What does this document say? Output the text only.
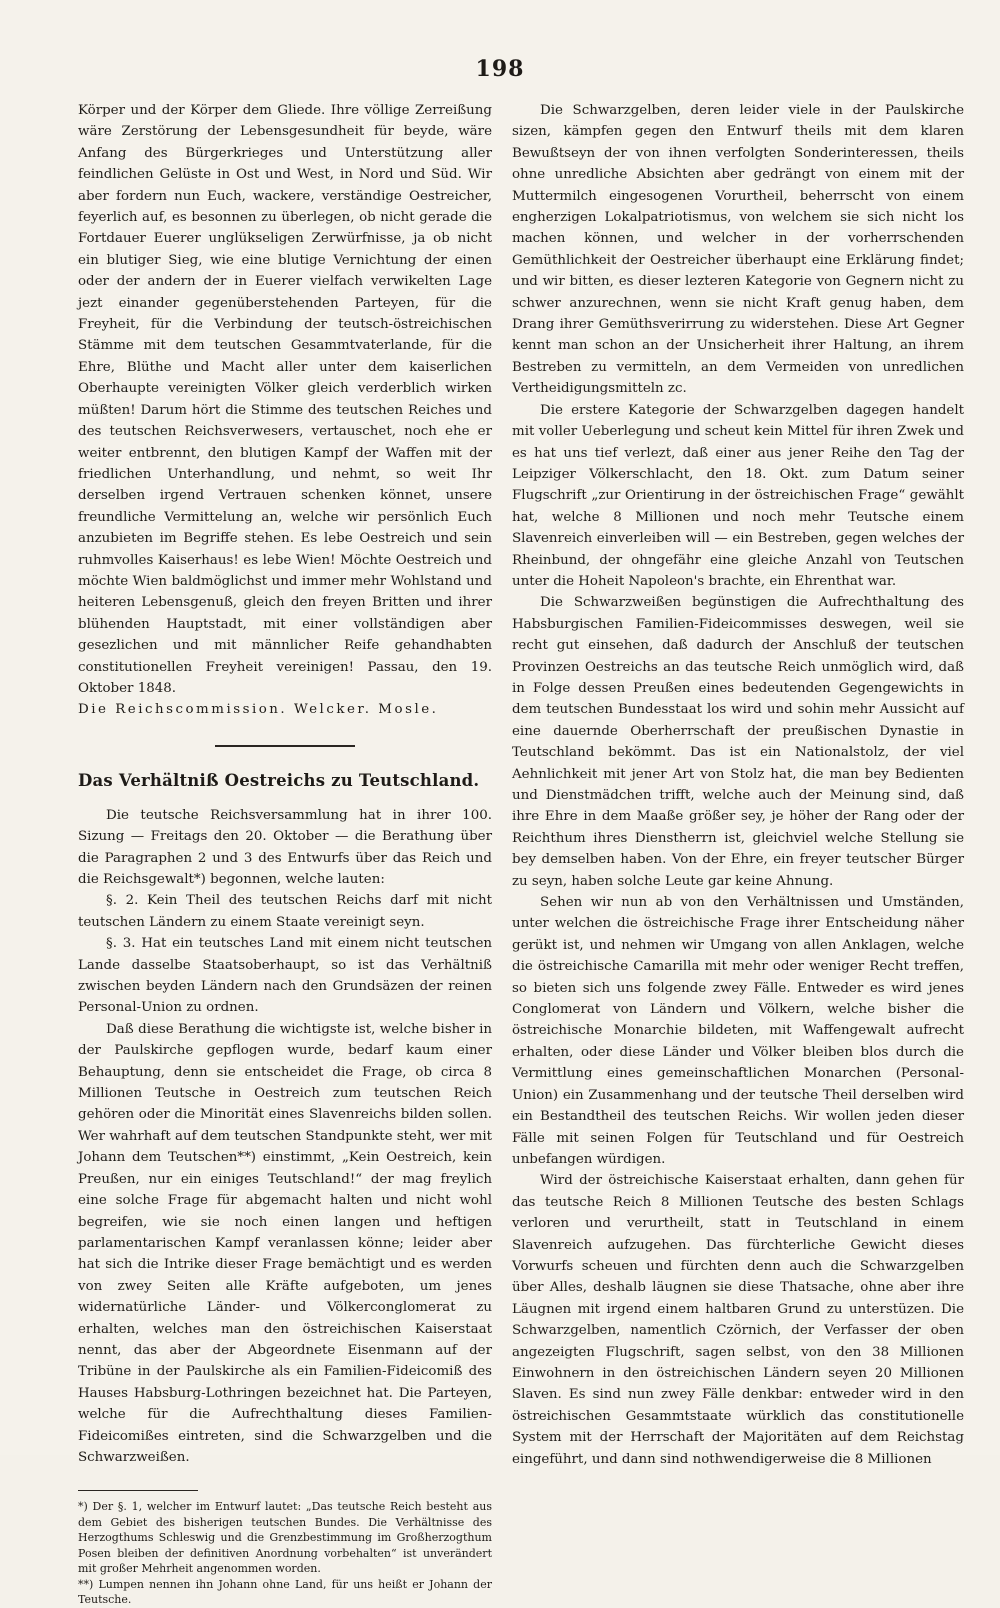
198

Körper und der Körper dem Gliede. Ihre völlige Zerreißung wäre Zerstörung der Lebensgesundheit für beyde, wäre Anfang des Bürgerkrieges und Unterstützung aller feindlichen Gelüste in Ost und West, in Nord und Süd. Wir aber fordern nun Euch, wackere, verständige Oestreicher, feyerlich auf, es besonnen zu überlegen, ob nicht gerade die Fortdauer Euerer unglükseligen Zerwürfnisse, ja ob nicht ein blutiger Sieg, wie eine blutige Vernichtung der einen oder der andern der in Euerer vielfach verwikelten Lage jezt einander gegenüberstehenden Parteyen, für die Freyheit, für die Verbindung der teutsch-östreichischen Stämme mit dem teutschen Gesammtvaterlande, für die Ehre, Blüthe und Macht aller unter dem kaiserlichen Oberhaupte vereinigten Völker gleich verderblich wirken müßten! Darum hört die Stimme des teutschen Reiches und des teutschen Reichsverwesers, vertauschet, noch ehe er weiter entbrennt, den blutigen Kampf der Waffen mit der friedlichen Unterhandlung, und nehmt, so weit Ihr derselben irgend Vertrauen schenken könnet, unsere freundliche Vermittelung an, welche wir persönlich Euch anzubieten im Begriffe stehen. Es lebe Oestreich und sein ruhmvolles Kaiserhaus! es lebe Wien! Möchte Oestreich und möchte Wien baldmöglichst und immer mehr Wohlstand und heiteren Lebensgenuß, gleich den freyen Britten und ihrer blühenden Hauptstadt, mit einer vollständigen aber gesezlichen und mit männlicher Reife gehandhabten constitutionellen Freyheit vereinigen! Passau, den 19. Oktober 1848.

Die Reichscommission. Welcker. Mosle.

Das Verhältniß Oestreichs zu Teutschland.

Die teutsche Reichsversammlung hat in ihrer 100. Sizung — Freitags den 20. Oktober — die Berathung über die Paragraphen 2 und 3 des Entwurfs über das Reich und die Reichsgewalt*) begonnen, welche lauten:

§. 2. Kein Theil des teutschen Reichs darf mit nicht teutschen Ländern zu einem Staate vereinigt seyn.

§. 3. Hat ein teutsches Land mit einem nicht teutschen Lande dasselbe Staatsoberhaupt, so ist das Verhältniß zwischen beyden Ländern nach den Grundsäzen der reinen Personal-Union zu ordnen.

Daß diese Berathung die wichtigste ist, welche bisher in der Paulskirche gepflogen wurde, bedarf kaum einer Behauptung, denn sie entscheidet die Frage, ob circa 8 Millionen Teutsche in Oestreich zum teutschen Reich gehören oder die Minorität eines Slavenreichs bilden sollen. Wer wahrhaft auf dem teutschen Standpunkte steht, wer mit Johann dem Teutschen**) einstimmt, „Kein Oestreich, kein Preußen, nur ein einiges Teutschland!“ der mag freylich eine solche Frage für abgemacht halten und nicht wohl begreifen, wie sie noch einen langen und heftigen parlamentarischen Kampf veranlassen könne; leider aber hat sich die Intrike dieser Frage bemächtigt und es werden von zwey Seiten alle Kräfte aufgeboten, um jenes widernatürliche Länder- und Völkerconglomerat zu erhalten, welches man den östreichischen Kaiserstaat nennt, das aber der Abgeordnete Eisenmann auf der Tribüne in der Paulskirche als ein Familien-Fideicomiß des Hauses Habsburg-Lothringen bezeichnet hat. Die Parteyen, welche für die Aufrechthaltung dieses Familien-Fideicomißes eintreten, sind die Schwarzgelben und die Schwarzweißen.

*) Der §. 1, welcher im Entwurf lautet: „Das teutsche Reich besteht aus dem Gebiet des bisherigen teutschen Bundes. Die Verhältnisse des Herzogthums Schleswig und die Grenzbestimmung im Großherzogthum Posen bleiben der definitiven Anordnung vorbehalten“ ist unverändert mit großer Mehrheit angenommen worden.

**) Lumpen nennen ihn Johann ohne Land, für uns heißt er Johann der Teutsche.

Die Schwarzgelben, deren leider viele in der Paulskirche sizen, kämpfen gegen den Entwurf theils mit dem klaren Bewußtseyn der von ihnen verfolgten Sonderinteressen, theils ohne unredliche Absichten aber gedrängt von einem mit der Muttermilch eingesogenen Vorurtheil, beherrscht von einem engherzigen Lokalpatriotismus, von welchem sie sich nicht los machen können, und welcher in der vorherrschenden Gemüthlichkeit der Oestreicher überhaupt eine Erklärung findet; und wir bitten, es dieser lezteren Kategorie von Gegnern nicht zu schwer anzurechnen, wenn sie nicht Kraft genug haben, dem Drang ihrer Gemüthsverirrung zu widerstehen. Diese Art Gegner kennt man schon an der Unsicherheit ihrer Haltung, an ihrem Bestreben zu vermitteln, an dem Vermeiden von unredlichen Vertheidigungsmitteln zc.

Die erstere Kategorie der Schwarzgelben dagegen handelt mit voller Ueberlegung und scheut kein Mittel für ihren Zwek und es hat uns tief verlezt, daß einer aus jener Reihe den Tag der Leipziger Völkerschlacht, den 18. Okt. zum Datum seiner Flugschrift „zur Orientirung in der östreichischen Frage“ gewählt hat, welche 8 Millionen und noch mehr Teutsche einem Slavenreich einverleiben will — ein Bestreben, gegen welches der Rheinbund, der ohngefähr eine gleiche Anzahl von Teutschen unter die Hoheit Napoleon's brachte, ein Ehrenthat war.

Die Schwarzweißen begünstigen die Aufrechthaltung des Habsburgischen Familien-Fideicommisses deswegen, weil sie recht gut einsehen, daß dadurch der Anschluß der teutschen Provinzen Oestreichs an das teutsche Reich unmöglich wird, daß in Folge dessen Preußen eines bedeutenden Gegengewichts in dem teutschen Bundesstaat los wird und sohin mehr Aussicht auf eine dauernde Oberherrschaft der preußischen Dynastie in Teutschland bekömmt. Das ist ein Nationalstolz, der viel Aehnlichkeit mit jener Art von Stolz hat, die man bey Bedienten und Dienstmädchen trifft, welche auch der Meinung sind, daß ihre Ehre in dem Maaße größer sey, je höher der Rang oder der Reichthum ihres Dienstherrn ist, gleichviel welche Stellung sie bey demselben haben. Von der Ehre, ein freyer teutscher Bürger zu seyn, haben solche Leute gar keine Ahnung.

Sehen wir nun ab von den Verhältnissen und Umständen, unter welchen die östreichische Frage ihrer Entscheidung näher gerükt ist, und nehmen wir Umgang von allen Anklagen, welche die östreichische Camarilla mit mehr oder weniger Recht treffen, so bieten sich uns folgende zwey Fälle. Entweder es wird jenes Conglomerat von Ländern und Völkern, welche bisher die östreichische Monarchie bildeten, mit Waffengewalt aufrecht erhalten, oder diese Länder und Völker bleiben blos durch die Vermittlung eines gemeinschaftlichen Monarchen (Personal-Union) ein Zusammenhang und der teutsche Theil derselben wird ein Bestandtheil des teutschen Reichs. Wir wollen jeden dieser Fälle mit seinen Folgen für Teutschland und für Oestreich unbefangen würdigen.

Wird der östreichische Kaiserstaat erhalten, dann gehen für das teutsche Reich 8 Millionen Teutsche des besten Schlags verloren und verurtheilt, statt in Teutschland in einem Slavenreich aufzugehen. Das fürchterliche Gewicht dieses Vorwurfs scheuen und fürchten denn auch die Schwarzgelben über Alles, deshalb läugnen sie diese Thatsache, ohne aber ihre Läugnen mit irgend einem haltbaren Grund zu unterstüzen. Die Schwarzgelben, namentlich Czörnich, der Verfasser der oben angezeigten Flugschrift, sagen selbst, von den 38 Millionen Einwohnern in den östreichischen Ländern seyen 20 Millionen Slaven. Es sind nun zwey Fälle denkbar: entweder wird in den östreichischen Gesammtstaate würklich das constitutionelle System mit der Herrschaft der Majoritäten auf dem Reichstag eingeführt, und dann sind nothwendigerweise die 8 Millionen
